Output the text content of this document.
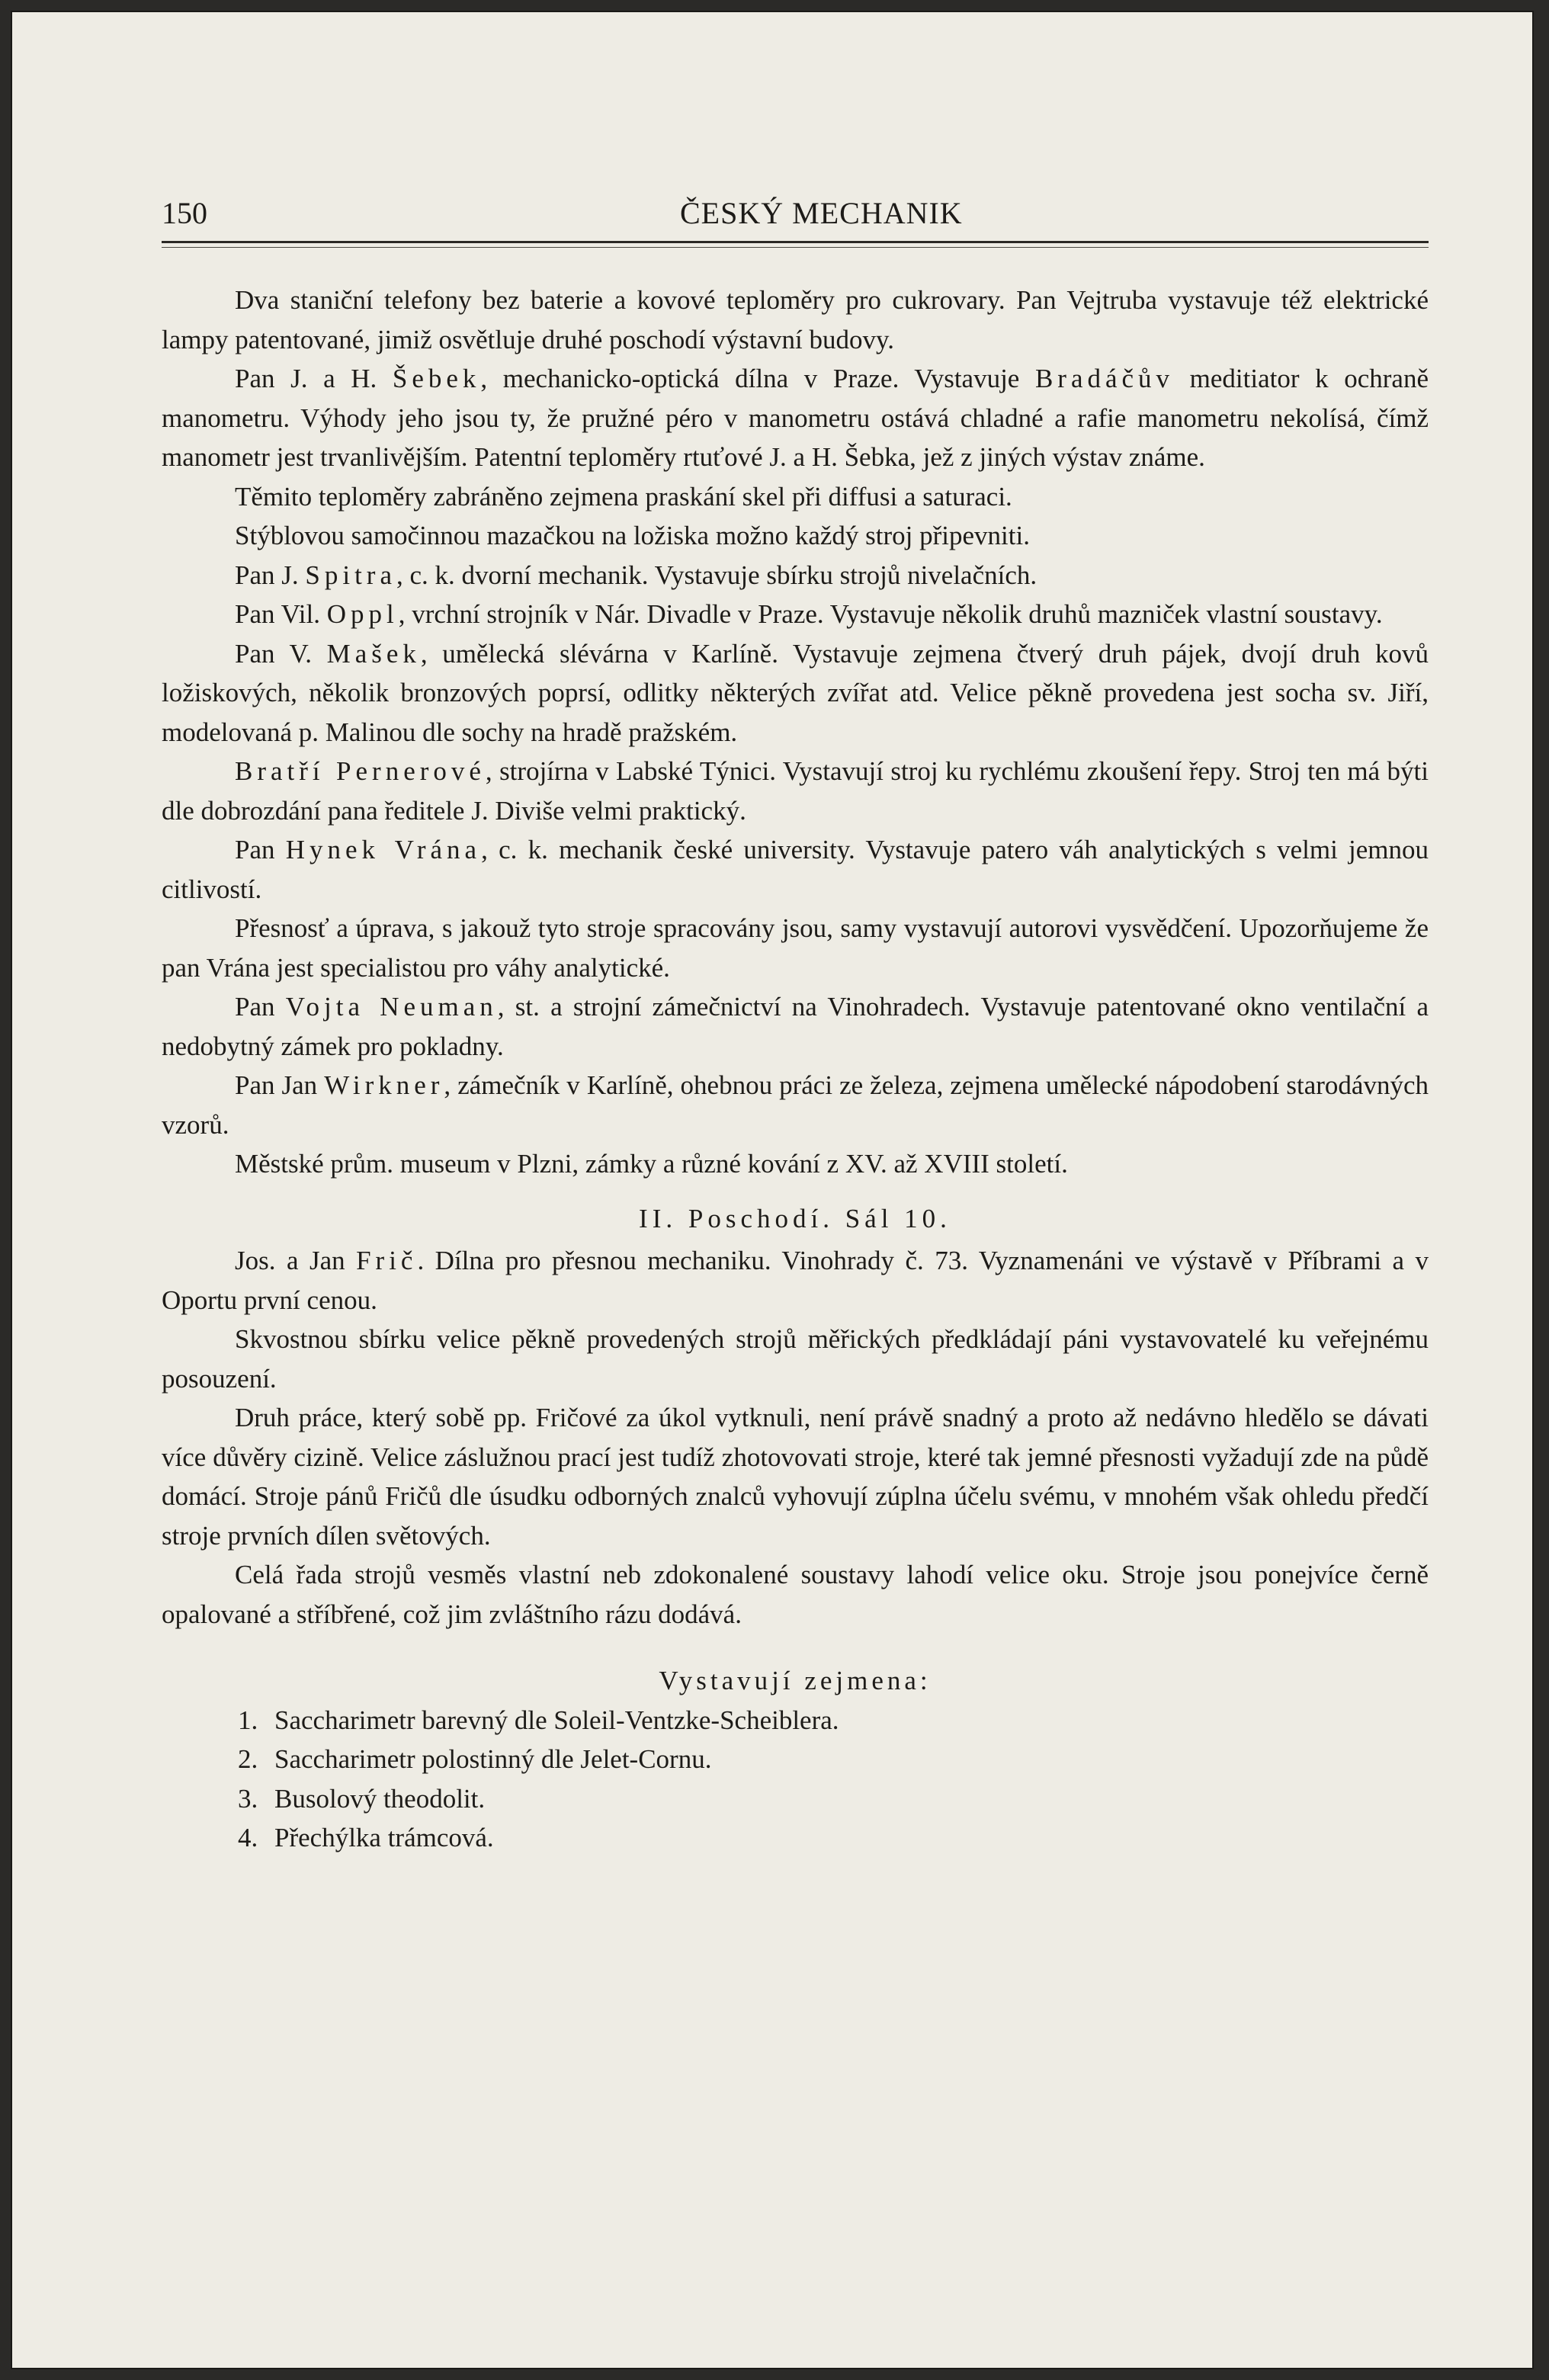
150	ČESKÝ MECHANIK

Dva staniční telefony bez baterie a kovové teploměry pro cukrovary. Pan Vejtruba vystavuje též elektrické lampy patentované, jimiž osvětluje druhé poschodí výstavní budovy.

Pan J. a H. Šebek, mechanicko-optická dílna v Praze. Vystavuje Bradáčův meditiator k ochraně manometru. Výhody jeho jsou ty, že pružné péro v manometru ostává chladné a rafie manometru nekolísá, čímž manometr jest trvanlivějším. Patentní teploměry rtuťové J. a H. Šebka, jež z jiných výstav známe.

Těmito teploměry zabráněno zejmena praskání skel při diffusi a saturaci.

Stýblovou samočinnou mazačkou na ložiska možno každý stroj připevniti.

Pan J. Spitra, c. k. dvorní mechanik. Vystavuje sbírku strojů nivelačních.

Pan Vil. Oppl, vrchní strojník v Nár. Divadle v Praze. Vystavuje několik druhů mazniček vlastní soustavy.

Pan V. Mašek, umělecká slévárna v Karlíně. Vystavuje zejmena čtverý druh pájek, dvojí druh kovů ložiskových, několik bronzových poprsí, odlitky některých zvířat atd. Velice pěkně provedena jest socha sv. Jiří, modelovaná p. Malinou dle sochy na hradě pražském.

Bratří Pernerové, strojírna v Labské Týnici. Vystavují stroj ku rychlému zkoušení řepy. Stroj ten má býti dle dobrozdání pana ředitele J. Diviše velmi praktický.

Pan Hynek Vrána, c. k. mechanik české university. Vystavuje patero váh analytických s velmi jemnou citlivostí.

Přesnosť a úprava, s jakouž tyto stroje spracovány jsou, samy vystavují autorovi vysvědčení. Upozorňujeme že pan Vrána jest specialistou pro váhy analytické.

Pan Vojta Neuman, st. a strojní zámečnictví na Vinohradech. Vystavuje patentované okno ventilační a nedobytný zámek pro pokladny.

Pan Jan Wirkner, zámečník v Karlíně, ohebnou práci ze železa, zejmena umělecké nápodobení starodávných vzorů.

Městské prům. museum v Plzni, zámky a různé kování z XV. až XVIII století.

II. Poschodí. Sál 10.

Jos. a Jan Frič. Dílna pro přesnou mechaniku. Vinohrady č. 73. Vyznamenáni ve výstavě v Příbrami a v Oportu první cenou.

Skvostnou sbírku velice pěkně provedených strojů měřických předkládají páni vystavovatelé ku veřejnému posouzení.

Druh práce, který sobě pp. Fričové za úkol vytknuli, není právě snadný a proto až nedávno hledělo se dávati více důvěry cizině. Velice záslužnou prací jest tudíž zhotovovati stroje, které tak jemné přesnosti vyžadují zde na půdě domácí. Stroje pánů Fričů dle úsudku odborných znalců vyhovují zúplna účelu svému, v mnohém však ohledu předčí stroje prvních dílen světových.

Celá řada strojů vesměs vlastní neb zdokonalené soustavy lahodí velice oku. Stroje jsou ponejvíce černě opalované a stříbřené, což jim zvláštního rázu dodává.

Vystavují zejmena:

1. Saccharimetr barevný dle Soleil-Ventzke-Scheiblera.
2. Saccharimetr polostinný dle Jelet-Cornu.
3. Busolový theodolit.
4. Přechýlka trámcová.
